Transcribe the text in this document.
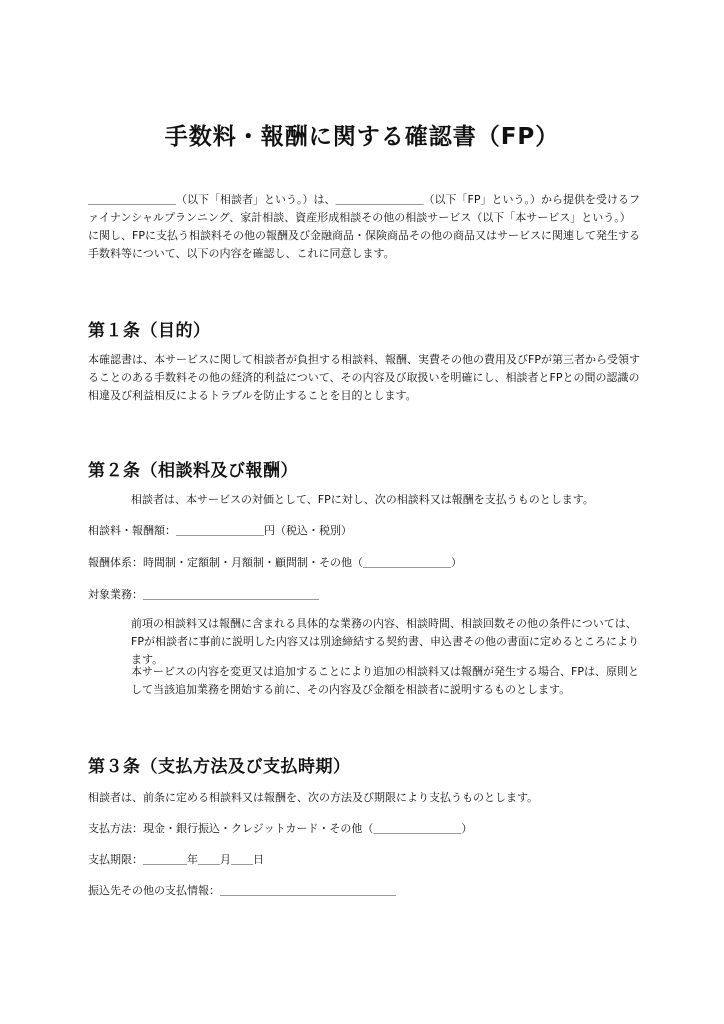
手数料・報酬に関する確認書（FP）

＿＿＿＿＿＿＿＿（以下「相談者」という。）は、＿＿＿＿＿＿＿＿（以下「FP」という。）から提供を受けるファイナンシャルプランニング、家計相談、資産形成相談その他の相談サービス（以下「本サービス」という。）に関し、FPに支払う相談料その他の報酬及び金融商品・保険商品その他の商品又はサービスに関連して発生する手数料等について、以下の内容を確認し、これに同意します。

第１条（目的）

本確認書は、本サービスに関して相談者が負担する相談料、報酬、実費その他の費用及びFPが第三者から受領することのある手数料その他の経済的利益について、その内容及び取扱いを明確にし、相談者とFPとの間の認識の相違及び利益相反によるトラブルを防止することを目的とします。

第２条（相談料及び報酬）

相談者は、本サービスの対価として、FPに対し、次の相談料又は報酬を支払うものとします。

相談料・報酬額：＿＿＿＿＿＿＿＿円（税込・税別）
報酬体系：時間制・定額制・月額制・顧問制・その他（＿＿＿＿＿＿＿＿）
対象業務：＿＿＿＿＿＿＿＿＿＿＿＿＿＿＿＿

前項の相談料又は報酬に含まれる具体的な業務の内容、相談時間、相談回数その他の条件については、FPが相談者に事前に説明した内容又は別途締結する契約書、申込書その他の書面に定めるところによります。

本サービスの内容を変更又は追加することにより追加の相談料又は報酬が発生する場合、FPは、原則として当該追加業務を開始する前に、その内容及び金額を相談者に説明するものとします。

第３条（支払方法及び支払時期）

相談者は、前条に定める相談料又は報酬を、次の方法及び期限により支払うものとします。

支払方法：現金・銀行振込・クレジットカード・その他（＿＿＿＿＿＿＿＿）
支払期限：＿＿＿＿年＿＿月＿＿日
振込先その他の支払情報：＿＿＿＿＿＿＿＿＿＿＿＿＿＿＿＿
